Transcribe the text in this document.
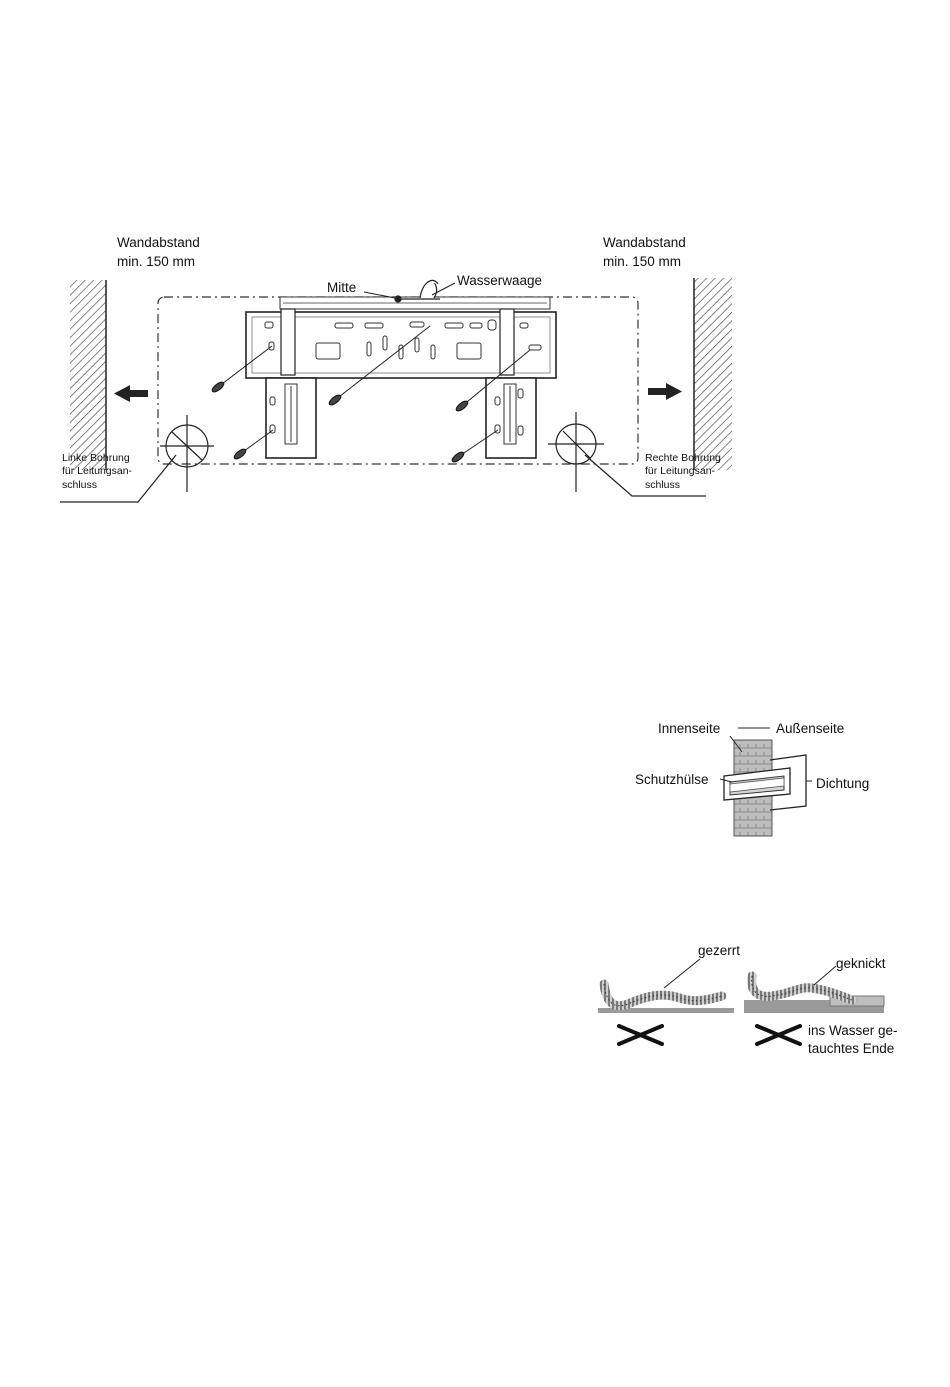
Wandabstand
min. 150 mm
Wandabstand
min. 150 mm
Mitte	Wasserwaage
Linke Bohrung
für Leitungsan-
schluss
Rechte Bohrung
für Leitungsan-
schluss
Innenseite	Außenseite
Schutzhülse	Dichtung
gezerrt
geknickt
ins Wasser ge-
tauchtes Ende
